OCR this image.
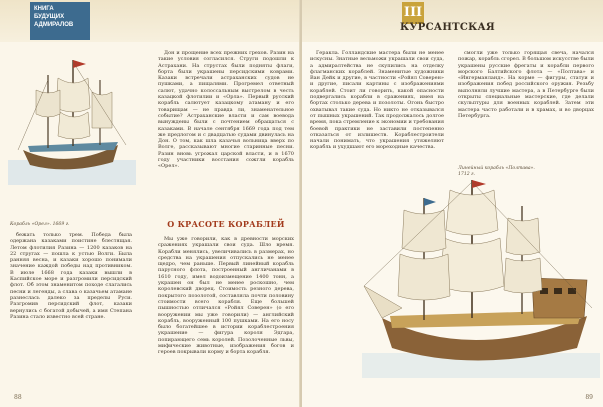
КНИГА
БУДУЩИХ
АДМИРАЛОВ
Корабль «Орел». 1669 г.

бежать только трем. Победа была одержана казаками поистине блестящая. Летом флотилия Разина — 1200 казаков на 22 стругах — пошла к устью Волги. Была ранняя весна, и казаки хорошо понимали значение каждой победы над противником. В июле 1668 года казаки вышли в Каспийское море и разгромили персидский флот. Об этом знаменитом походе слагались песни и легенды, а слава о казачьем атамане разнеслась далеко за пределы Руси. Разгромив персидский флот, казаки вернулись с богатой добычей, а имя Степана Разина стало известно всей стране.

Дон и прощение всех прежних грехов. Разин на такие условия согласился. Струги подошли к Астрахани. На струстах были подняты флаги, борта были украшены персидскими коврами. Казаки встречали астраханских судов не пушками, а пищалями. Прогремел ответный салют, удачно колоссальным выстрелом в честь казацкой флотилии и «Орла». Первый русский корабль салютует казацкому атаману и его товарищам — не правда ли, знаменательное событие? Астраханские власти и сам воевода вынуждены были с почтением обращаться с казаками. В начале сентября 1669 года под тем же предлогом и с двадцатью судами двинулась на Дон. О том, как шла казачья вольница вверх по Волге, рассказывают многие старинные песни. Разин вновь угрожал царской власти, и в 1670 году участники восстания сожгли корабль «Орел».

О КРАСОТЕ КОРАБЛЕЙ

Мы уже говорили, как в древности морских сражениях украшали свои суда. Шло время. Корабли менялись, увеличивались в размерах, но средства на украшения отпускались не менее щедро, чем раньше. Первый линейный корабль парусного флота, построенный англичанами в 1610 году, имел водоизмещение 1400 тонн, а украшен он был не менее роскошно, чем королевский дворец. Стоимость резного дерева, покрытого позолотой, составляла почти половину стоимости всего корабля. Еще большей пышностью отличался «Ройял Соверен» (о его вооружении мы уже говорили) — английский корабль, вооруженный 100 пушками. На его носу было богатейшее в истории кораблестроения украшение — фигура короля Эдгара, попирающего семь королей. Позолоченные львы, мифические животные, изображения богов и героев покрывали корму и борта корабля.

88
III
КУРСАНТСКАЯ

Геракла. Голландские мастера были не менее искусны. Знатные вельможи украшали свои суда, а адмиралтейства не скупились на отделку флагманских кораблей. Знаменитые художники Ван Дейк и другие, в частности «Ройял Соверен» и другие, писали картины с изображениями кораблей. Стоит ли говорить, какой опасности подвергались корабли в сражениях, имея на бортах столько дерева и позолоты. Огонь быстро охватывал такие суда. Но никто не отказывался от пышных украшений. Так продолжалось долгое время, пока стремление к экономии и требования боевой практики не заставили постепенно отказаться от излишеств. Кораблестроители начали понимать, что украшения утяжеляют корабль и ухудшают его мореходные качества.

смогли уже только горящая свеча, начался пожар, корабль сгорел. В большом искусстве были украшены русские фрегаты и корабли первого морского Балтийского флота — «Полтава» и «Ингерманланд». На корме — фигуры, статуи и изображения побед российского оружия. Резьбу выполняли лучшие мастера, а в Петербурге были открыты специальные мастерские, где делали скульптуры для военных кораблей. Затем эти мастера часто работали и в храмах, и во дворцах Петербурга.

Линейный корабль «Полтава». 1712 г.
89
